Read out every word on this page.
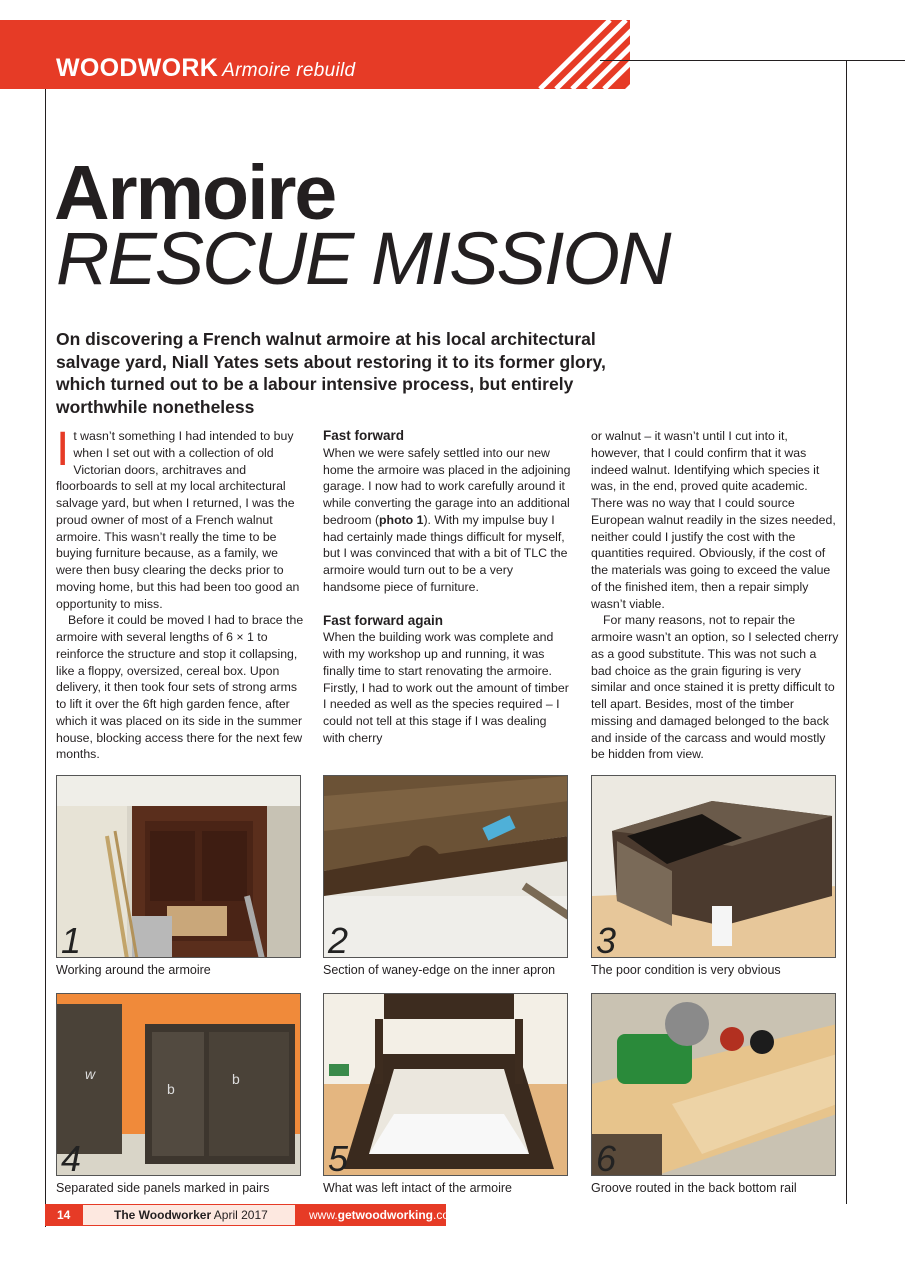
WOODWORK Armoire rebuild
Armoire
RESCUE MISSION
On discovering a French walnut armoire at his local architectural salvage yard, Niall Yates sets about restoring it to its former glory, which turned out to be a labour intensive process, but entirely worthwhile nonetheless

It wasn’t something I had intended to buy when I set out with a collection of old Victorian doors, architraves and floorboards to sell at my local architectural salvage yard, but when I returned, I was the proud owner of most of a French walnut armoire. This wasn’t really the time to be buying furniture because, as a family, we were then busy clearing the decks prior to moving home, but this had been too good an opportunity to miss.

Before it could be moved I had to brace the armoire with several lengths of 6 × 1 to reinforce the structure and stop it collapsing, like a floppy, oversized, cereal box. Upon delivery, it then took four sets of strong arms to lift it over the 6ft high garden fence, after which it was placed on its side in the summer house, blocking access there for the next few months.

Fast forward

When we were safely settled into our new home the armoire was placed in the adjoining garage. I now had to work carefully around it while converting the garage into an additional bedroom (photo 1). With my impulse buy I had certainly made things difficult for myself, but I was convinced that with a bit of TLC the armoire would turn out to be a very handsome piece of furniture.

Fast forward again

When the building work was complete and with my workshop up and running, it was finally time to start renovating the armoire. Firstly, I had to work out the amount of timber I needed as well as the species required – I could not tell at this stage if I was dealing with cherry

or walnut – it wasn’t until I cut into it, however, that I could confirm that it was indeed walnut. Identifying which species it was, in the end, proved quite academic. There was no way that I could source European walnut readily in the sizes needed, neither could I justify the cost with the quantities required. Obviously, if the cost of the materials was going to exceed the value of the finished item, then a repair simply wasn’t viable.

For many reasons, not to repair the armoire wasn’t an option, so I selected cherry as a good substitute. This was not such a bad choice as the grain figuring is very similar and once stained it is pretty difficult to tell apart. Besides, most of the timber missing and damaged belonged to the back and inside of the carcass and would mostly be hidden from view.

1
Working around the armoire
2
Section of waney-edge on the inner apron
3
The poor condition is very obvious
w
b
b
4
Separated side panels marked in pairs
5
What was left intact of the armoire
6
Groove routed in the back bottom rail
14	The Woodworker April 2017	www.getwoodworking.com
